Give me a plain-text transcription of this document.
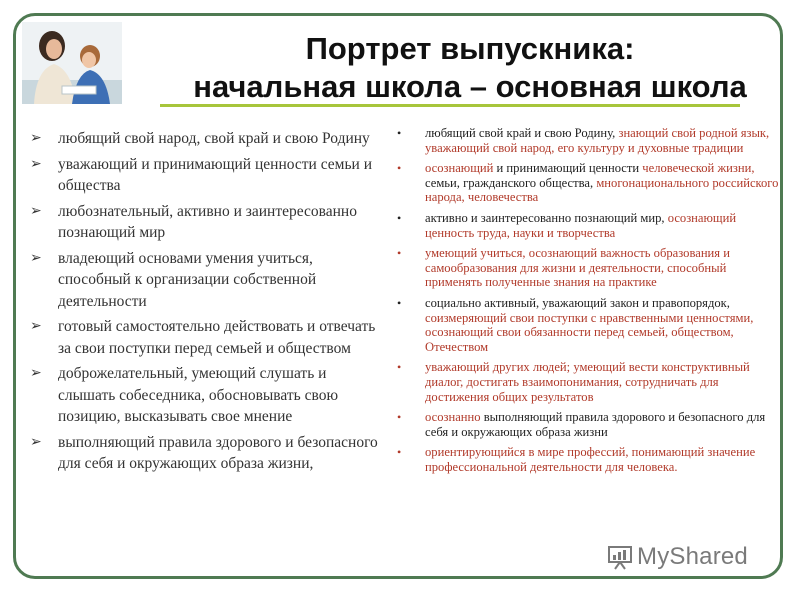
Портрет выпускника:
начальная школа – основная школа
➢ любящий свой народ, свой край и свою Родину
➢ уважающий и принимающий ценности семьи и общества
➢ любознательный, активно и заинтересованно познающий мир
➢ владеющий основами умения учиться, способный к организации собственной деятельности
➢ готовый самостоятельно действовать и отвечать за свои поступки перед семьей и обществом
➢ доброжелательный, умеющий слушать и слышать собеседника, обосновывать свою позицию, высказывать свое мнение
➢ выполняющий правила здорового и безопасного для себя и окружающих образа жизни,
• любящий свой край и свою Родину, знающий свой родной язык, уважающий свой народ, его культуру и духовные традиции
• осознающий и принимающий ценности человеческой жизни, семьи, гражданского общества, многонационального российского народа, человечества
• активно и заинтересованно познающий мир, осознающий ценность труда, науки и творчества
• умеющий учиться, осознающий важность образования и самообразования для жизни и деятельности, способный применять полученные знания на практике
• социально активный, уважающий закон и правопорядок, соизмеряющий свои поступки с нравственными ценностями, осознающий свои обязанности перед семьей, обществом, Отечеством
• уважающий других людей; умеющий вести конструктивный диалог, достигать взаимопонимания, сотрудничать для достижения общих результатов
• осознанно выполняющий правила здорового и безопасного для себя и окружающих образа жизни
• ориентирующийся в мире профессий, понимающий значение профессиональной деятельности для человека.
MyShared
